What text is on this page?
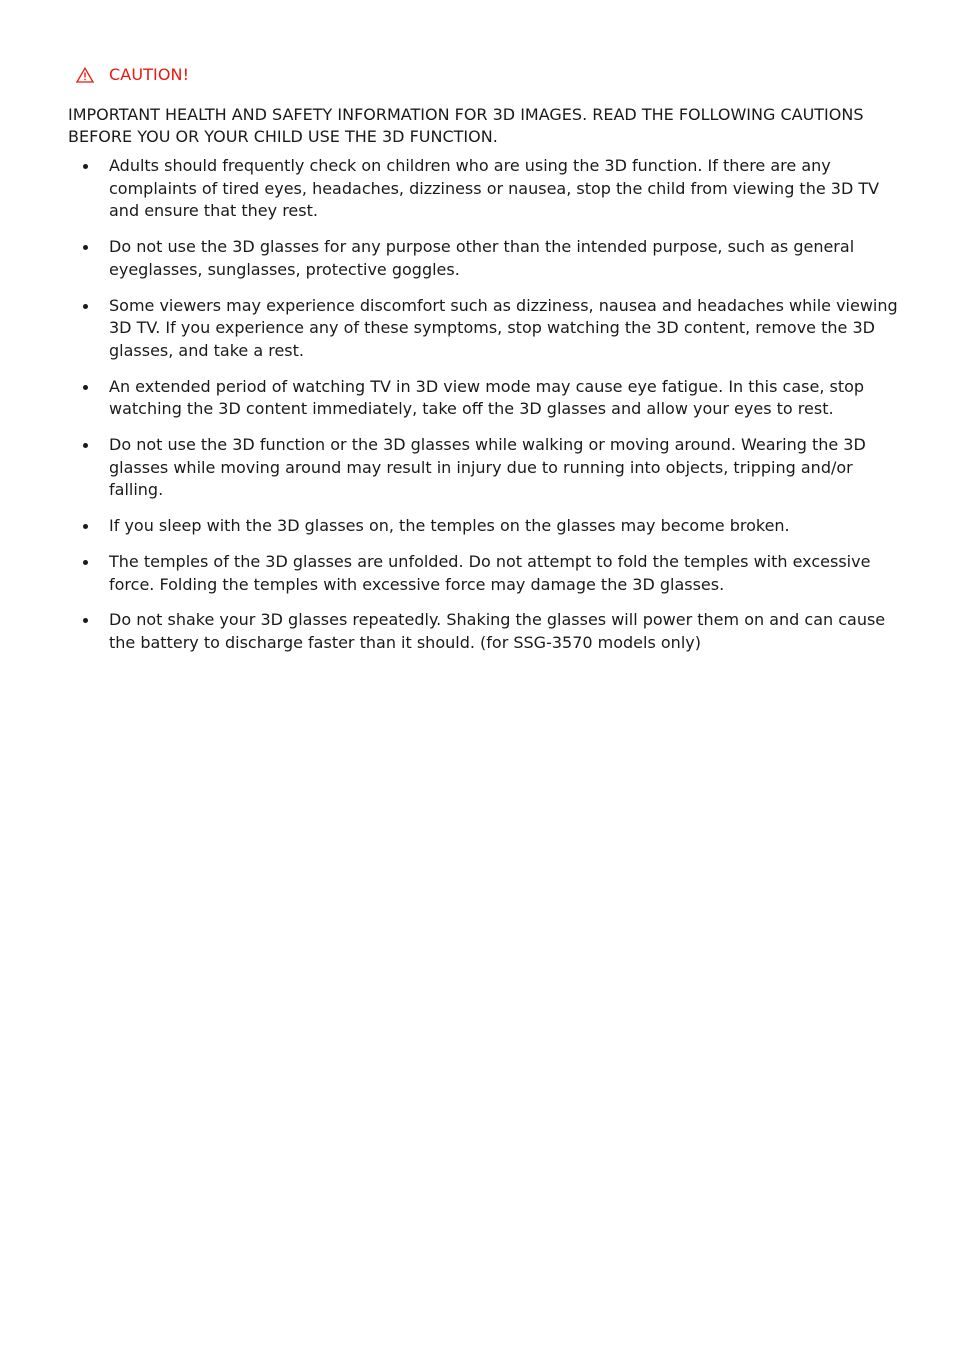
CAUTION!

IMPORTANT HEALTH AND SAFETY INFORMATION FOR 3D IMAGES. READ THE FOLLOWING CAUTIONS BEFORE YOU OR YOUR CHILD USE THE 3D FUNCTION.

Adults should frequently check on children who are using the 3D function. If there are any complaints of tired eyes, headaches, dizziness or nausea, stop the child from viewing the 3D TV and ensure that they rest.
Do not use the 3D glasses for any purpose other than the intended purpose, such as general eyeglasses, sunglasses, protective goggles.
Some viewers may experience discomfort such as dizziness, nausea and headaches while viewing 3D TV. If you experience any of these symptoms, stop watching the 3D content, remove the 3D glasses, and take a rest.
An extended period of watching TV in 3D view mode may cause eye fatigue. In this case, stop watching the 3D content immediately, take off the 3D glasses and allow your eyes to rest.
Do not use the 3D function or the 3D glasses while walking or moving around. Wearing the 3D glasses while moving around may result in injury due to running into objects, tripping and/or falling.
If you sleep with the 3D glasses on, the temples on the glasses may become broken.
The temples of the 3D glasses are unfolded. Do not attempt to fold the temples with excessive force. Folding the temples with excessive force may damage the 3D glasses.
Do not shake your 3D glasses repeatedly. Shaking the glasses will power them on and can cause the battery to discharge faster than it should. (for SSG-3570 models only)
